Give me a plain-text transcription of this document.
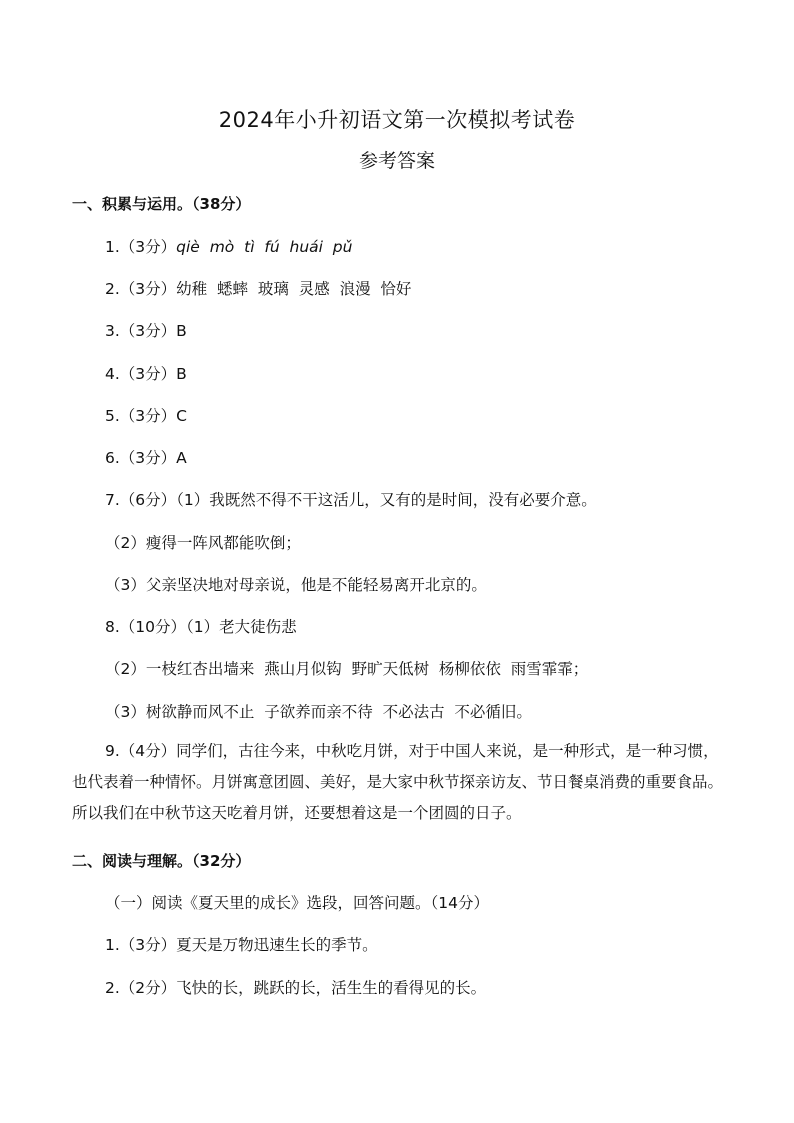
2024年小升初语文第一次模拟考试卷
参考答案
一、积累与运用。（38分）
1.（3分）qiè  mò  tì  fú  huái  pǔ
2.（3分）幼稚  蟋蟀  玻璃  灵感  浪漫  恰好
3.（3分）B
4.（3分）B
5.（3分）C
6.（3分）A
7.（6分）（1）我既然不得不干这活儿，又有的是时间，没有必要介意。
（2）瘦得一阵风都能吹倒；
（3）父亲坚决地对母亲说，他是不能轻易离开北京的。
8.（10分）（1）老大徒伤悲
（2）一枝红杏出墙来  燕山月似钩  野旷天低树  杨柳依依  雨雪霏霏；
（3）树欲静而风不止  子欲养而亲不待  不必法古  不必循旧。
9.（4分）同学们，古往今来，中秋吃月饼，对于中国人来说，是一种形式，是一种习惯，也代表着一种情怀。月饼寓意团圆、美好，是大家中秋节探亲访友、节日餐桌消费的重要食品。所以我们在中秋节这天吃着月饼，还要想着这是一个团圆的日子。
二、阅读与理解。（32分）
（一）阅读《夏天里的成长》选段，回答问题。（14分）
1.（3分）夏天是万物迅速生长的季节。
2.（2分）飞快的长，跳跃的长，活生生的看得见的长。
